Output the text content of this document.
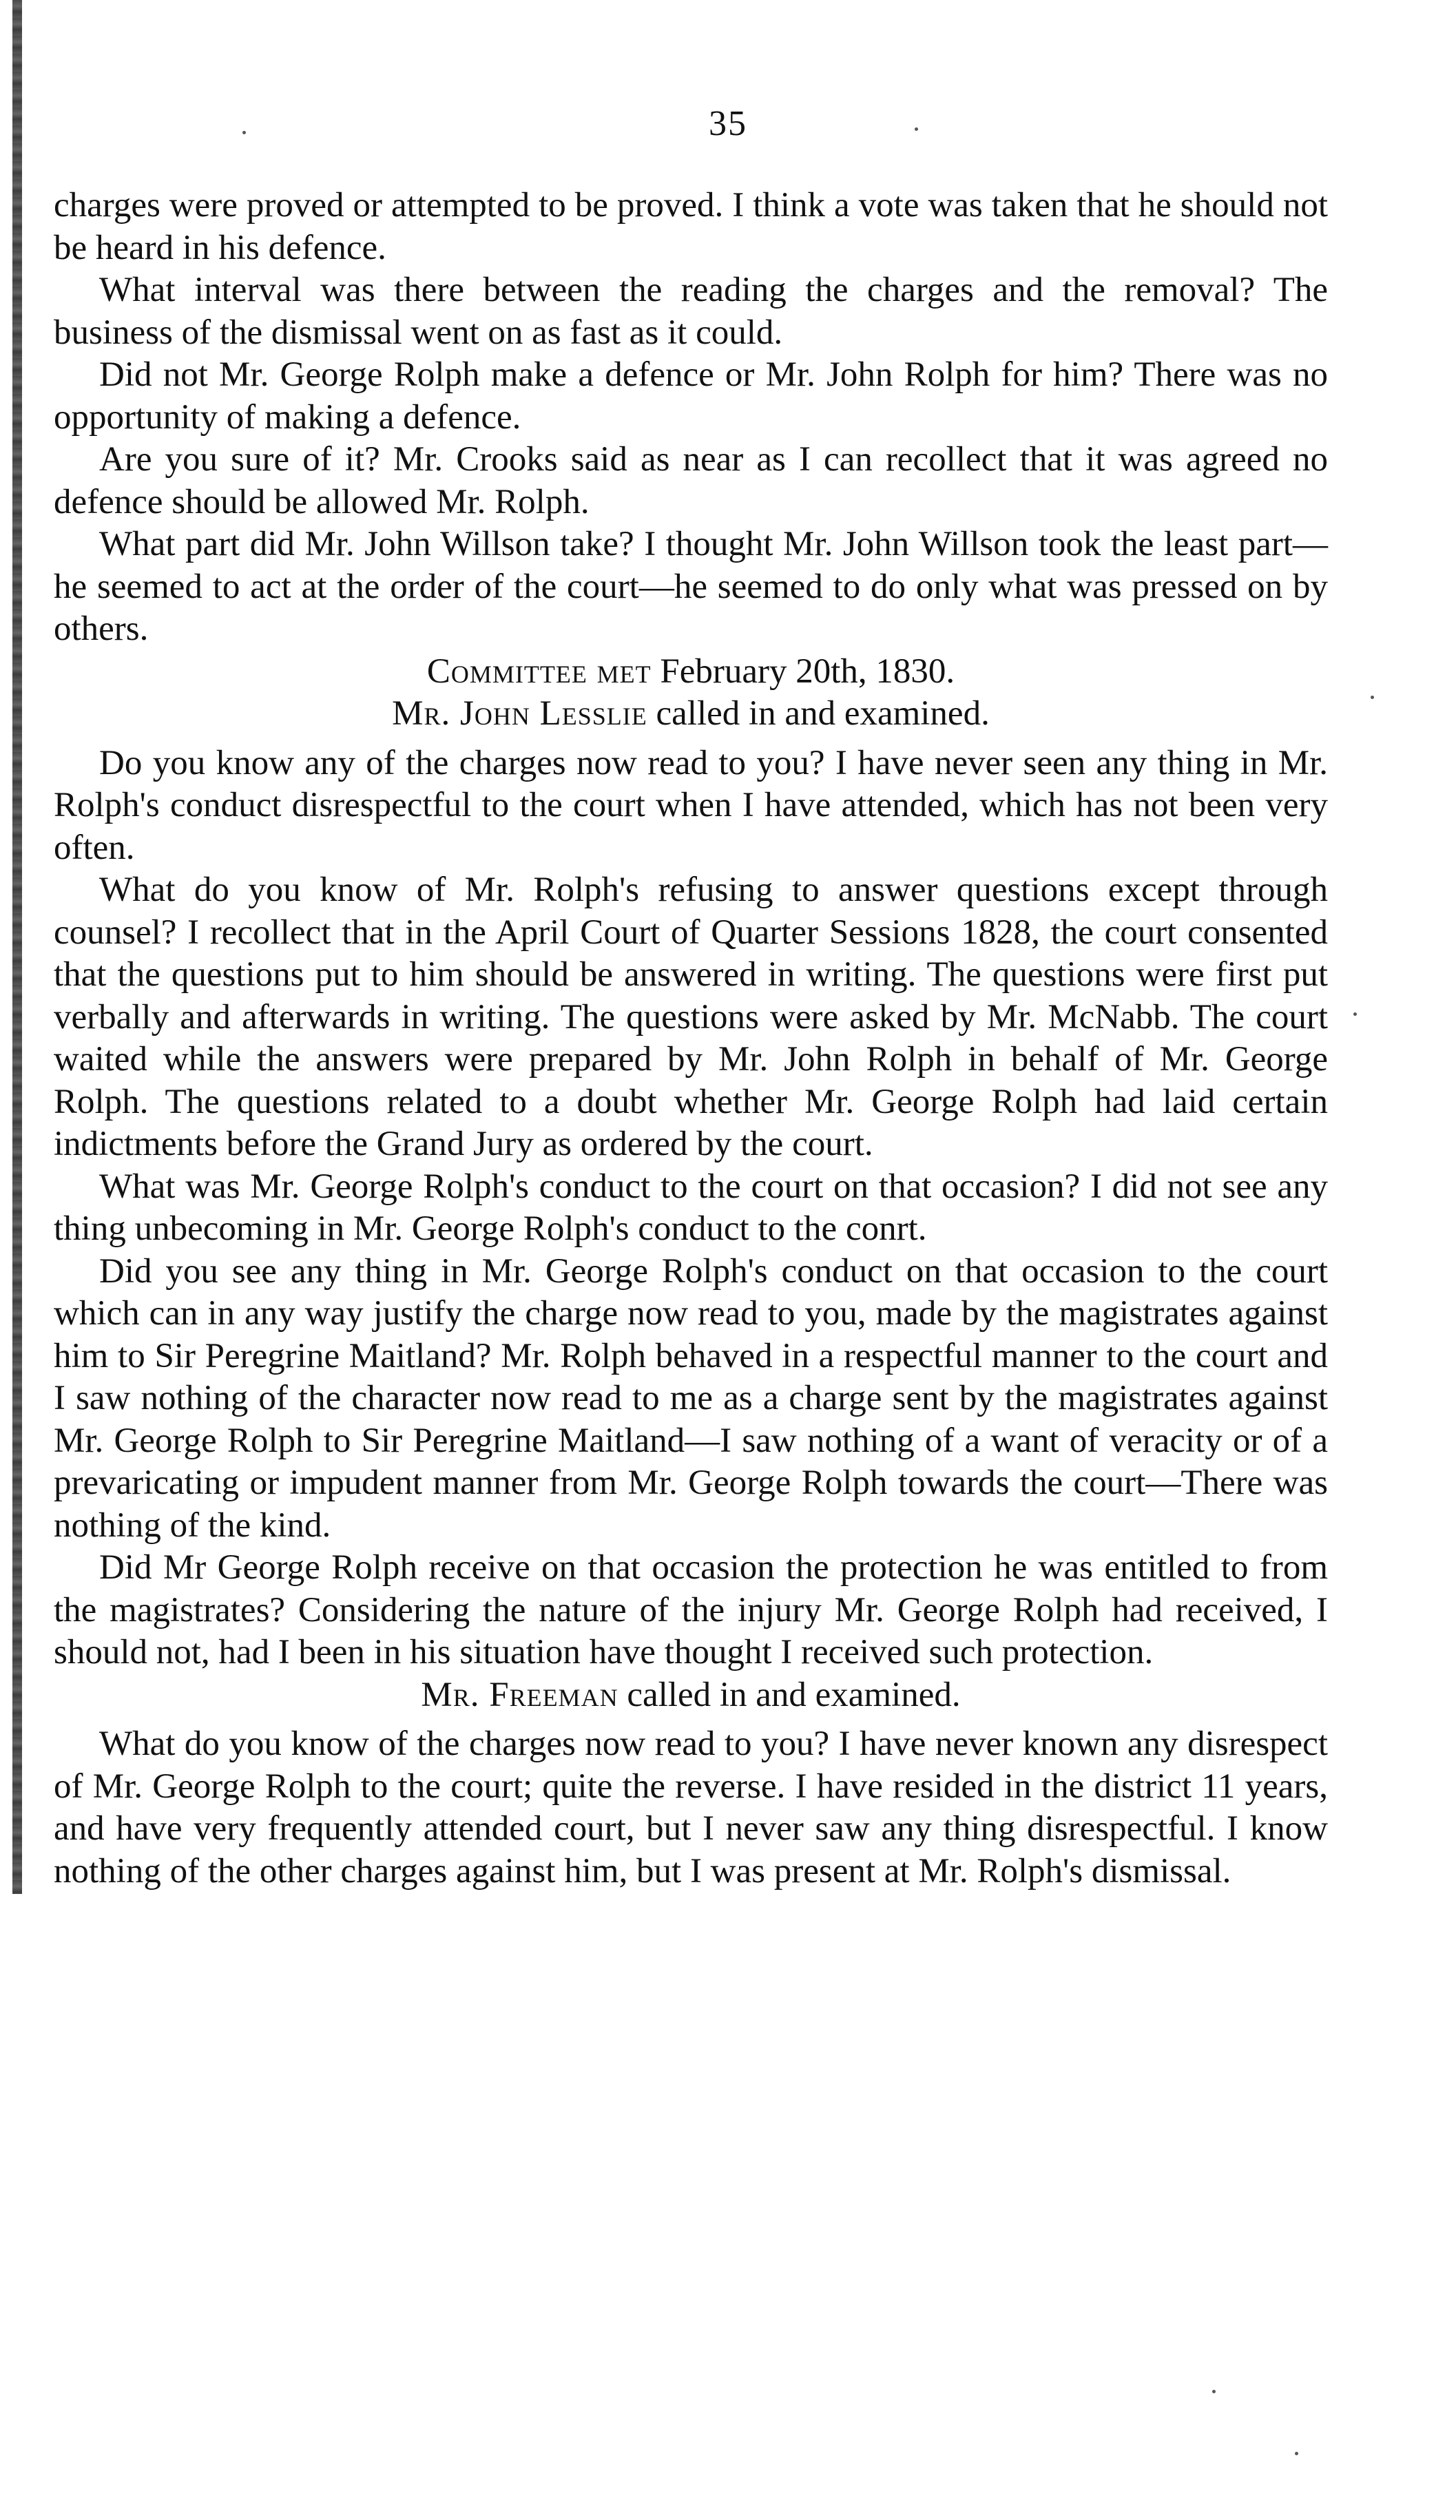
35

charges were proved or attempted to be proved. I think a vote was taken that he should not be heard in his defence.

What interval was there between the reading the charges and the removal? The business of the dismissal went on as fast as it could.

Did not Mr. George Rolph make a defence or Mr. John Rolph for him? There was no opportunity of making a defence.

Are you sure of it? Mr. Crooks said as near as I can recollect that it was agreed no defence should be allowed Mr. Rolph.

What part did Mr. John Willson take? I thought Mr. John Willson took the least part—he seemed to act at the order of the court—he seemed to do only what was pressed on by others.

Committee met February 20th, 1830.

Mr. John Lesslie called in and examined.

Do you know any of the charges now read to you? I have never seen any thing in Mr. Rolph's conduct disrespectful to the court when I have attended, which has not been very often.

What do you know of Mr. Rolph's refusing to answer questions except through counsel? I recollect that in the April Court of Quarter Sessions 1828, the court consented that the questions put to him should be answered in writing. The questions were first put verbally and afterwards in writing. The questions were asked by Mr. McNabb. The court waited while the answers were prepared by Mr. John Rolph in behalf of Mr. George Rolph. The questions related to a doubt whether Mr. George Rolph had laid certain indictments before the Grand Jury as ordered by the court.

What was Mr. George Rolph's conduct to the court on that occasion? I did not see any thing unbecoming in Mr. George Rolph's conduct to the conrt.

Did you see any thing in Mr. George Rolph's conduct on that occasion to the court which can in any way justify the charge now read to you, made by the magistrates against him to Sir Peregrine Maitland? Mr. Rolph behaved in a respectful manner to the court and I saw nothing of the character now read to me as a charge sent by the magistrates against Mr. George Rolph to Sir Peregrine Maitland—I saw nothing of a want of veracity or of a prevaricating or impudent manner from Mr. George Rolph towards the court—There was nothing of the kind.

Did Mr George Rolph receive on that occasion the protection he was entitled to from the magistrates? Considering the nature of the injury Mr. George Rolph had received, I should not, had I been in his situation have thought I received such protection.

Mr. Freeman called in and examined.

What do you know of the charges now read to you? I have never known any disrespect of Mr. George Rolph to the court; quite the reverse. I have resided in the district 11 years, and have very frequently attended court, but I never saw any thing disrespectful. I know nothing of the other charges against him, but I was present at Mr. Rolph's dismissal.
